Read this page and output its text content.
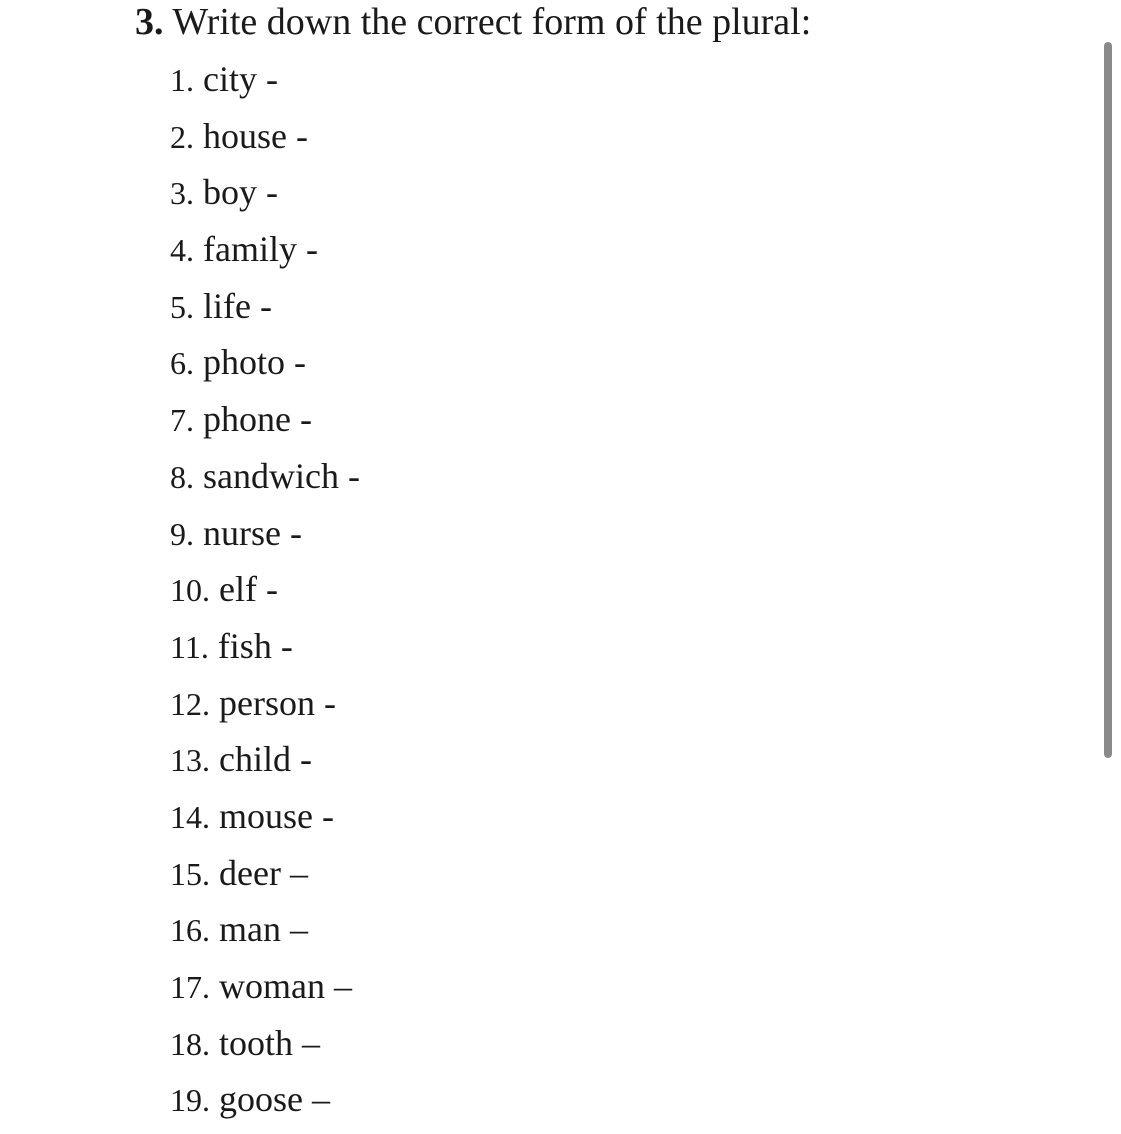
3. Write down the correct form of the plural:
1. city -
2. house -
3. boy -
4. family -
5. life -
6. photo -
7. phone -
8. sandwich -
9. nurse -
10. elf -
11. fish -
12. person -
13. child -
14. mouse -
15. deer –
16. man –
17. woman –
18. tooth –
19. goose –
